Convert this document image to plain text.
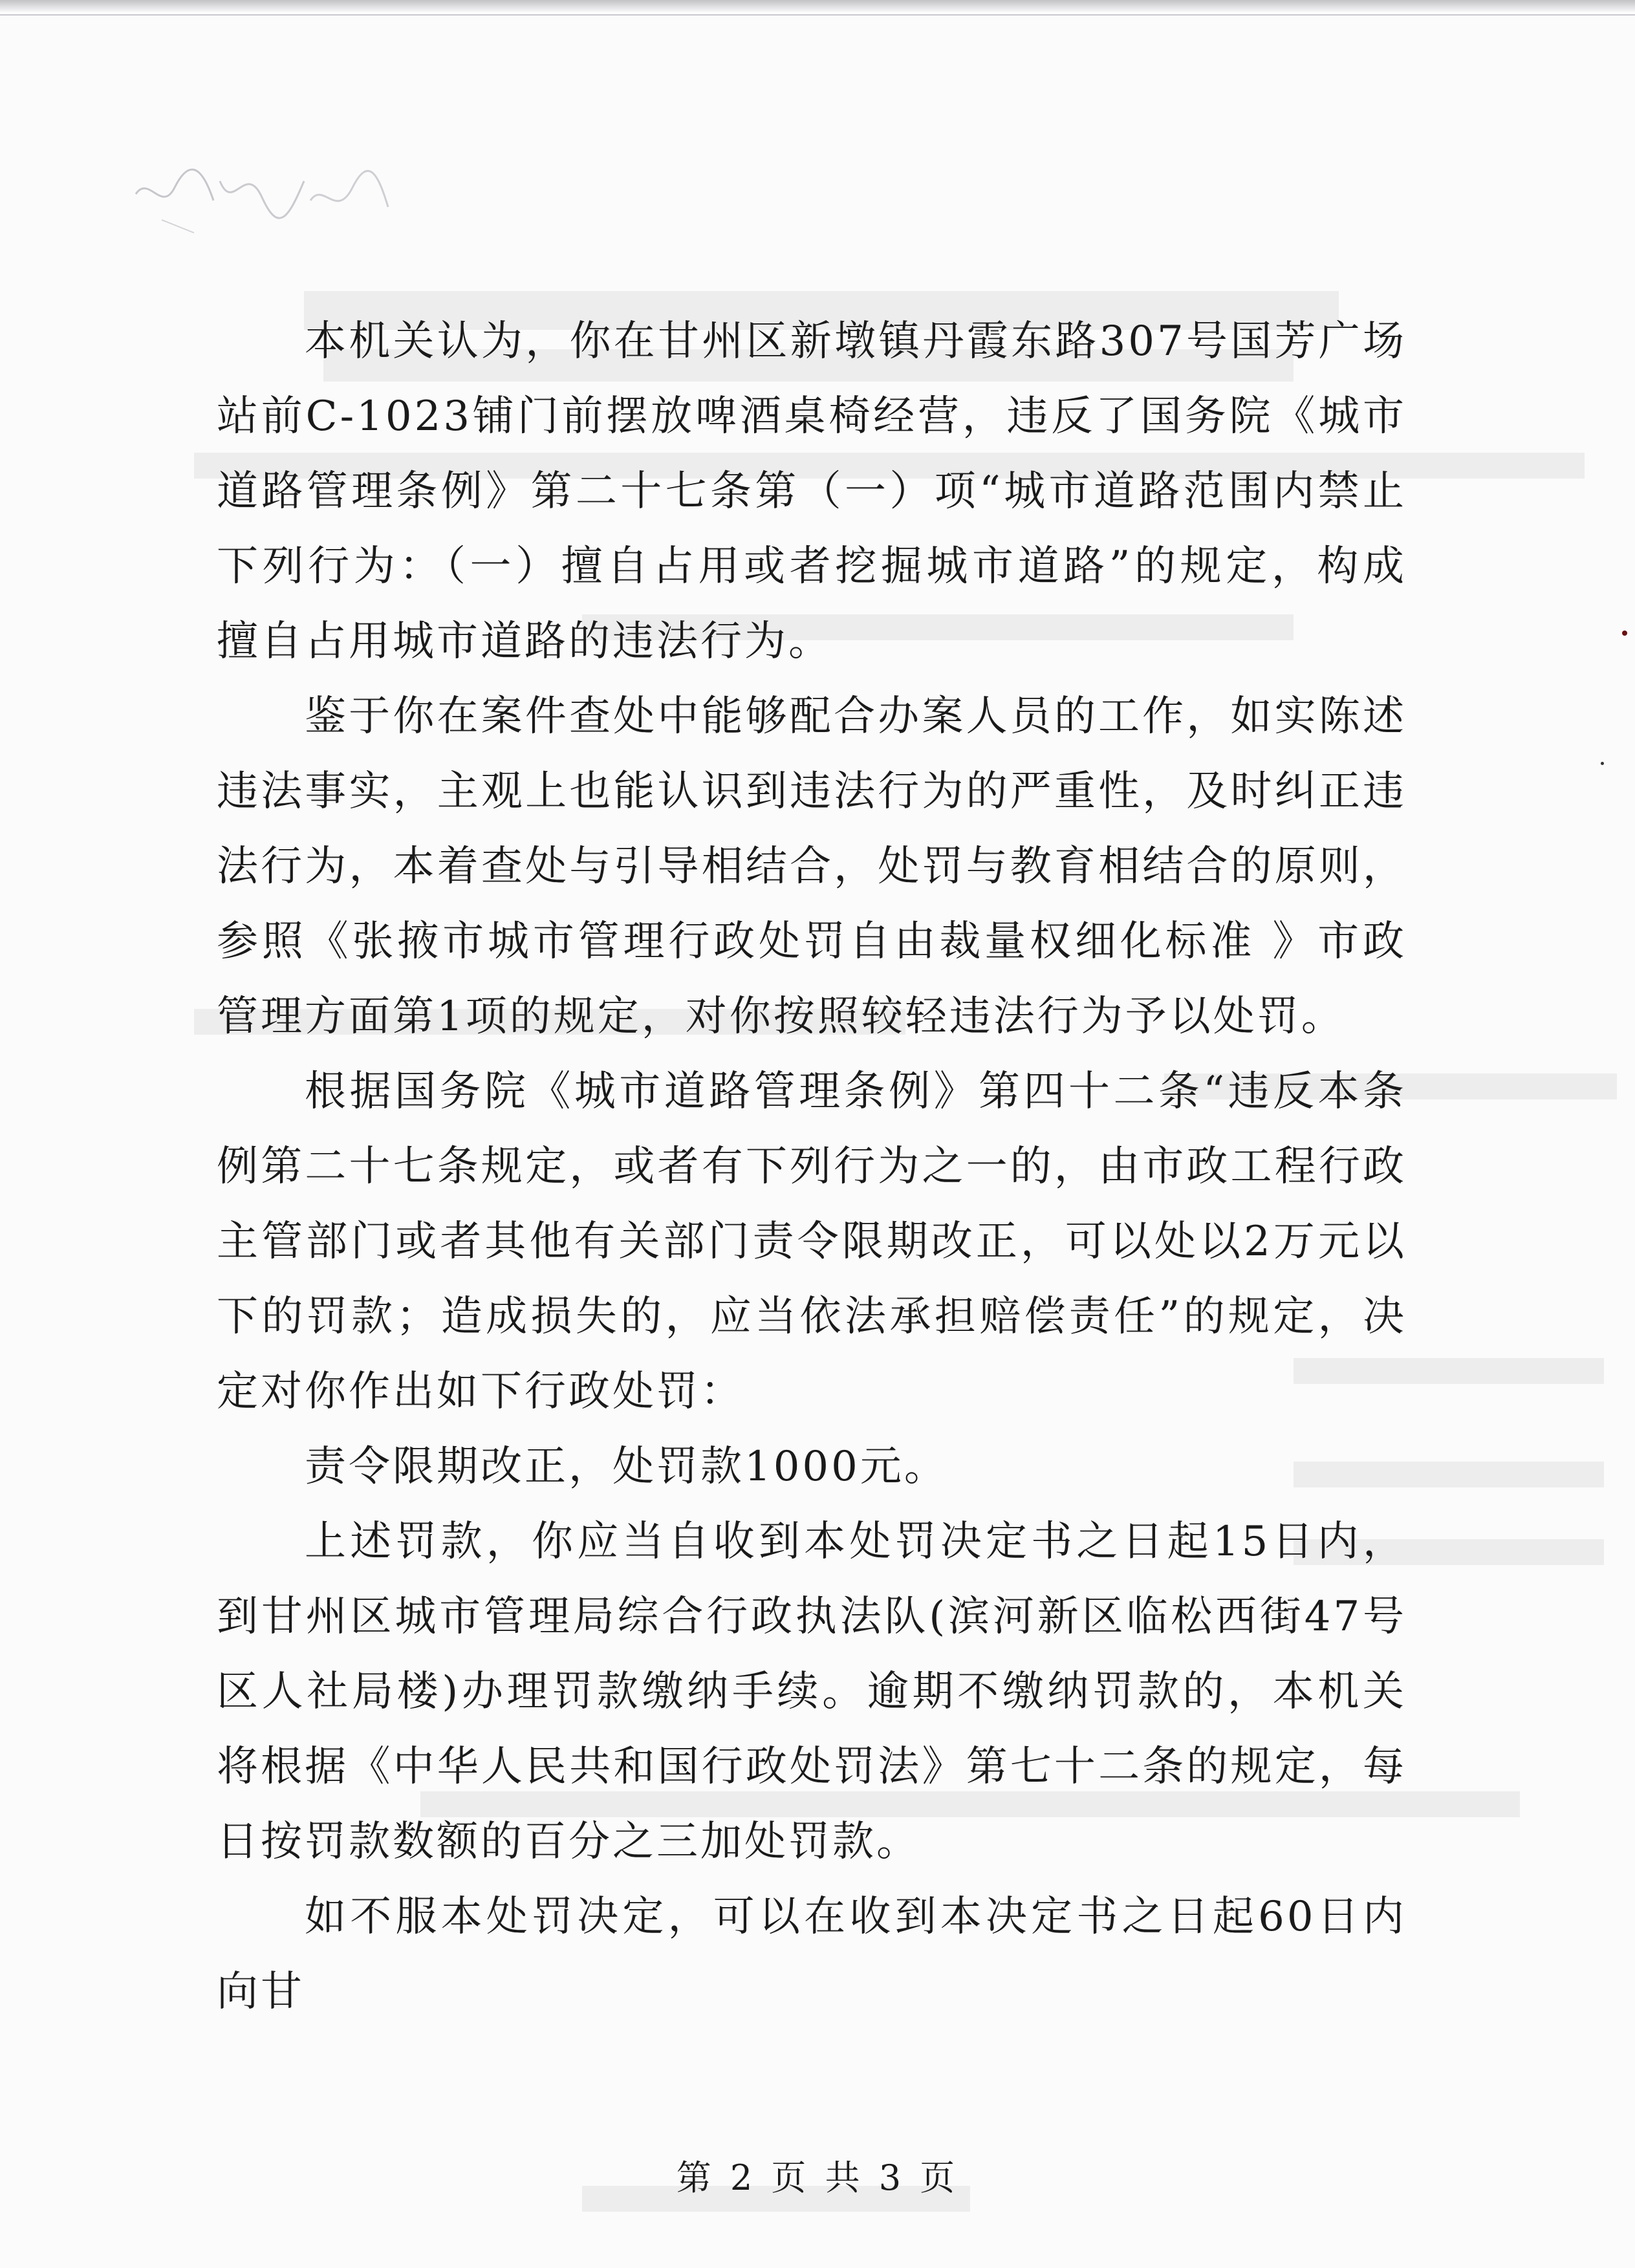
本机关认为，你在甘州区新墩镇丹霞东路307号国芳广场站前C-1023铺门前摆放啤酒桌椅经营，违反了国务院《城市道路管理条例》第二十七条第（一）项“城市道路范围内禁止下列行为：（一）擅自占用或者挖掘城市道路”的规定，构成擅自占用城市道路的违法行为。

鉴于你在案件查处中能够配合办案人员的工作，如实陈述违法事实，主观上也能认识到违法行为的严重性，及时纠正违法行为，本着查处与引导相结合，处罚与教育相结合的原则，参照《张掖市城市管理行政处罚自由裁量权细化标准 》市政管理方面第1项的规定，对你按照较轻违法行为予以处罚。

根据国务院《城市道路管理条例》第四十二条“违反本条例第二十七条规定，或者有下列行为之一的，由市政工程行政主管部门或者其他有关部门责令限期改正，可以处以2万元以下的罚款；造成损失的，应当依法承担赔偿责任”的规定，决定对你作出如下行政处罚：

责令限期改正，处罚款1000元。

上述罚款，你应当自收到本处罚决定书之日起15日内，到甘州区城市管理局综合行政执法队(滨河新区临松西街47号区人社局楼)办理罚款缴纳手续。逾期不缴纳罚款的，本机关将根据《中华人民共和国行政处罚法》第七十二条的规定，每日按罚款数额的百分之三加处罚款。

如不服本处罚决定，可以在收到本决定书之日起60日内向甘

第 2 页 共 3 页
